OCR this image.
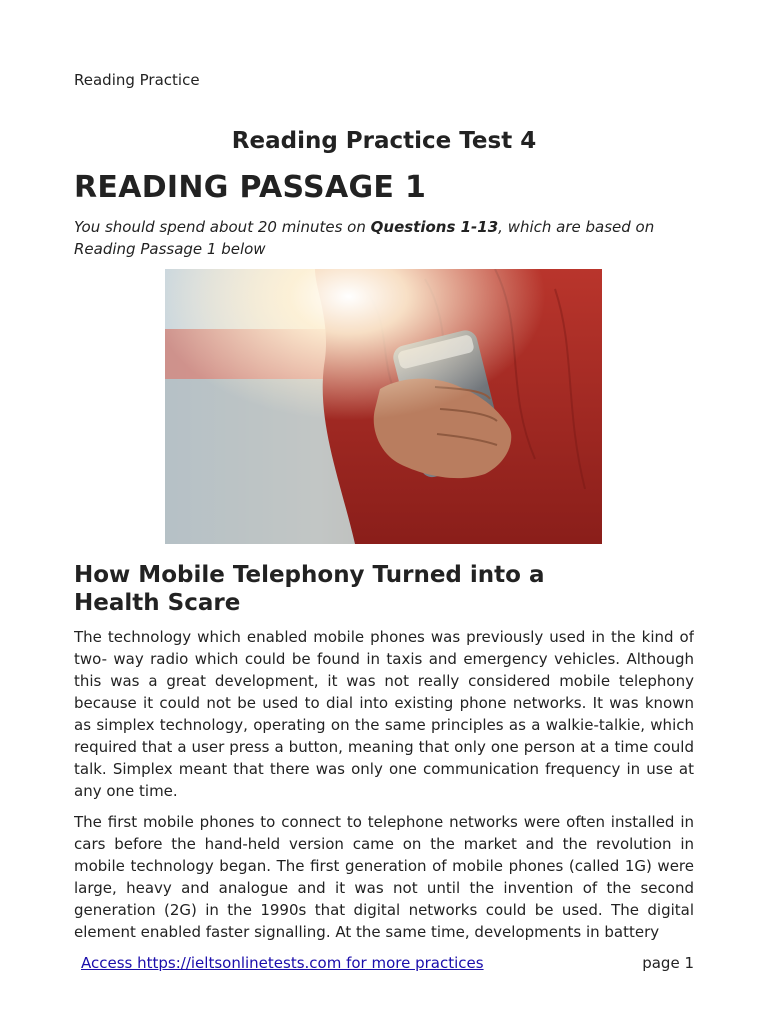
Reading Practice
Reading Practice Test 4
READING PASSAGE 1
You should spend about 20 minutes on Questions 1-13, which are based on Reading Passage 1 below
How Mobile Telephony Turned into a Health Scare

The technology which enabled mobile phones was previously used in the kind of two- way radio which could be found in taxis and emergency vehicles. Although this was a great development, it was not really considered mobile telephony because it could not be used to dial into existing phone networks. It was known as simplex technology, operating on the same principles as a walkie-talkie, which required that a user press a button, meaning that only one person at a time could talk. Simplex meant that there was only one communication frequency in use at any one time.

The first mobile phones to connect to telephone networks were often installed in cars before the hand-held version came on the market and the revolution in mobile technology began. The first generation of mobile phones (called 1G) were large, heavy and analogue and it was not until the invention of the second generation (2G) in the 1990s that digital networks could be used. The digital element enabled faster signalling. At the same time, developments in battery

Access https://ieltsonlinetests.com for more practices	page 1
